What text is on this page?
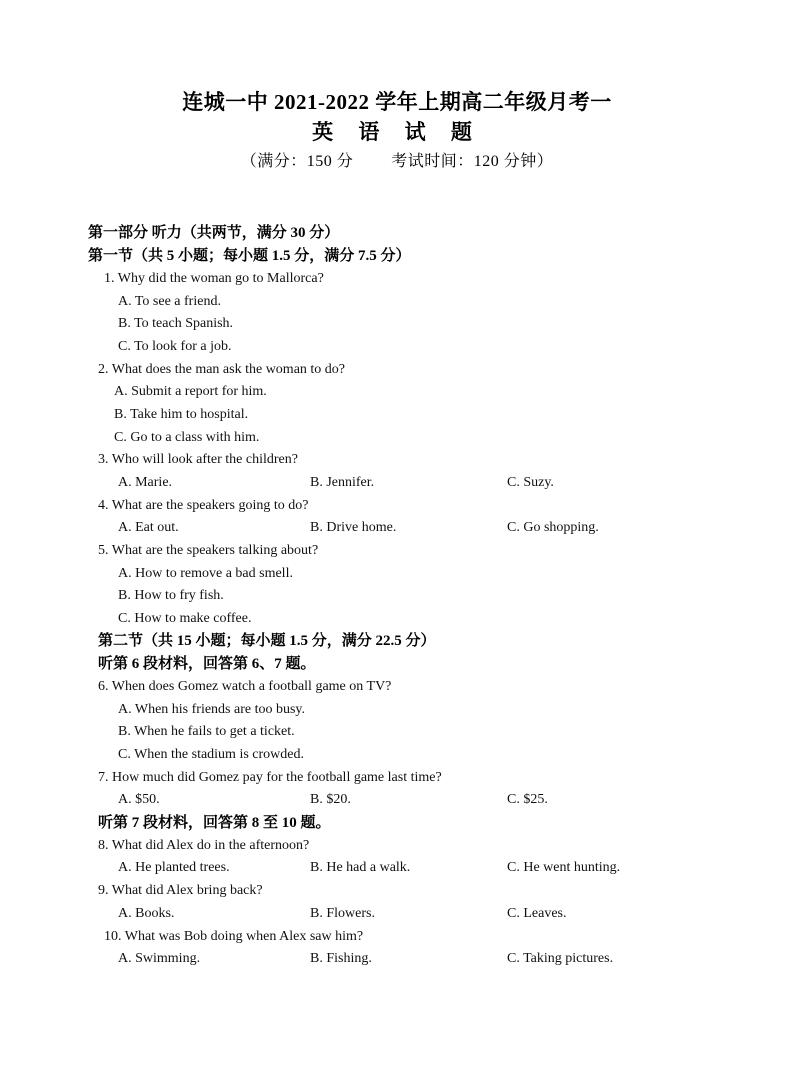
连城一中 2021-2022 学年上期高二年级月考一
英 语 试 题
（满分：150 分 考试时间：120 分钟）
第一部分 听力（共两节，满分 30 分）
第一节（共 5 小题；每小题 1.5 分，满分 7.5 分）
1. Why did the woman go to Mallorca?
A. To see a friend.
B. To teach Spanish.
C. To look for a job.
2. What does the man ask the woman to do?
A. Submit a report for him.
B. Take him to hospital.
C. Go to a class with him.
3. Who will look after the children?
A. Marie.	B. Jennifer.	C. Suzy.
4. What are the speakers going to do?
A. Eat out.	B. Drive home.	C. Go shopping.
5. What are the speakers talking about?
A. How to remove a bad smell.
B. How to fry fish.
C. How to make coffee.
第二节（共 15 小题；每小题 1.5 分，满分 22.5 分）
听第 6 段材料，回答第 6、7 题。
6. When does Gomez watch a football game on TV?
A. When his friends are too busy.
B. When he fails to get a ticket.
C. When the stadium is crowded.
7. How much did Gomez pay for the football game last time?
A. $50.	B. $20.	C. $25.
听第 7 段材料，回答第 8 至 10 题。
8. What did Alex do in the afternoon?
A. He planted trees.	B. He had a walk.	C. He went hunting.
9. What did Alex bring back?
A. Books.	B. Flowers.	C. Leaves.
10. What was Bob doing when Alex saw him?
A. Swimming.	B. Fishing.	C. Taking pictures.
